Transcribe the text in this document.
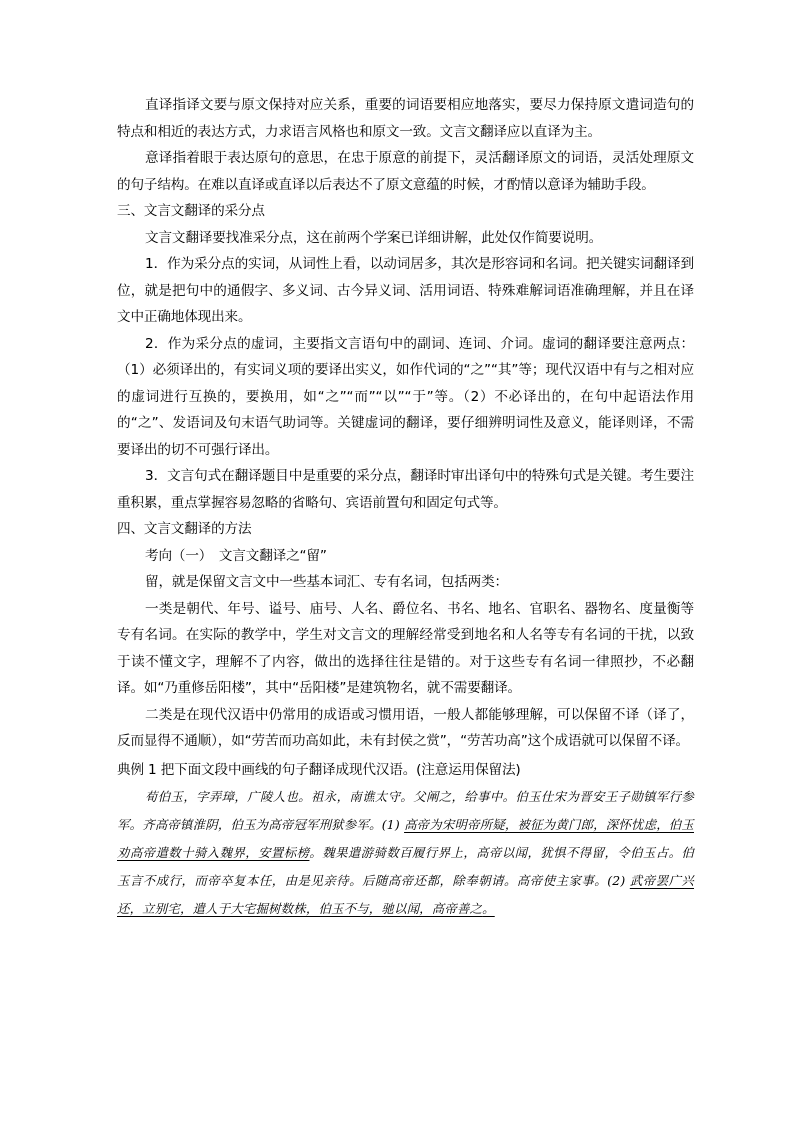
直译指译文要与原文保持对应关系，重要的词语要相应地落实，要尽力保持原文遣词造句的特点和相近的表达方式，力求语言风格也和原文一致。文言文翻译应以直译为主。

意译指着眼于表达原句的意思，在忠于原意的前提下，灵活翻译原文的词语，灵活处理原文的句子结构。在难以直译或直译以后表达不了原文意蕴的时候，才酌情以意译为辅助手段。

三、文言文翻译的采分点

文言文翻译要找准采分点，这在前两个学案已详细讲解，此处仅作简要说明。

1．作为采分点的实词，从词性上看，以动词居多，其次是形容词和名词。把关键实词翻译到位，就是把句中的通假字、多义词、古今异义词、活用词语、特殊难解词语准确理解，并且在译文中正确地体现出来。

2．作为采分点的虚词，主要指文言语句中的副词、连词、介词。虚词的翻译要注意两点：（1）必须译出的，有实词义项的要译出实义，如作代词的“之”“其”等；现代汉语中有与之相对应的虚词进行互换的，要换用，如“之”“而”“以”“于”等。（2）不必译出的，在句中起语法作用的“之”、发语词及句末语气助词等。关键虚词的翻译，要仔细辨明词性及意义，能译则译，不需要译出的切不可强行译出。

3．文言句式在翻译题目中是重要的采分点，翻译时审出译句中的特殊句式是关键。考生要注重积累，重点掌握容易忽略的省略句、宾语前置句和固定句式等。

四、文言文翻译的方法

考向（一）　文言文翻译之“留”

留，就是保留文言文中一些基本词汇、专有名词，包括两类：

一类是朝代、年号、谥号、庙号、人名、爵位名、书名、地名、官职名、器物名、度量衡等专有名词。在实际的教学中，学生对文言文的理解经常受到地名和人名等专有名词的干扰，以致于读不懂文字，理解不了内容，做出的选择往往是错的。对于这些专有名词一律照抄，不必翻译。如“乃重修岳阳楼”，其中“岳阳楼”是建筑物名，就不需要翻译。

二类是在现代汉语中仍常用的成语或习惯用语，一般人都能够理解，可以保留不译（译了，反而显得不通顺），如“劳苦而功高如此，未有封侯之赏”，“劳苦功高”这个成语就可以保留不译。

典例 1 把下面文段中画线的句子翻译成现代汉语。(注意运用保留法)

荀伯玉，字弄璋，广陵人也。祖永，南谯太守。父阐之，给事中。伯玉仕宋为晋安王子勋镇军行参军。齐高帝镇淮阴，伯玉为高帝冠军刑狱参军。(1) 高帝为宋明帝所疑，被征为黄门郎，深怀忧虑，伯玉劝高帝遣数十骑入魏界，安置标榜。魏果遣游骑数百履行界上，高帝以闻，犹惧不得留，令伯玉占。伯玉言不成行，而帝卒复本任，由是见亲待。后随高帝还都，除奉朝请。高帝使主家事。(2) 武帝罢广兴还，立别宅，遣人于大宅掘树数株，伯玉不与，驰以闻，高帝善之。
